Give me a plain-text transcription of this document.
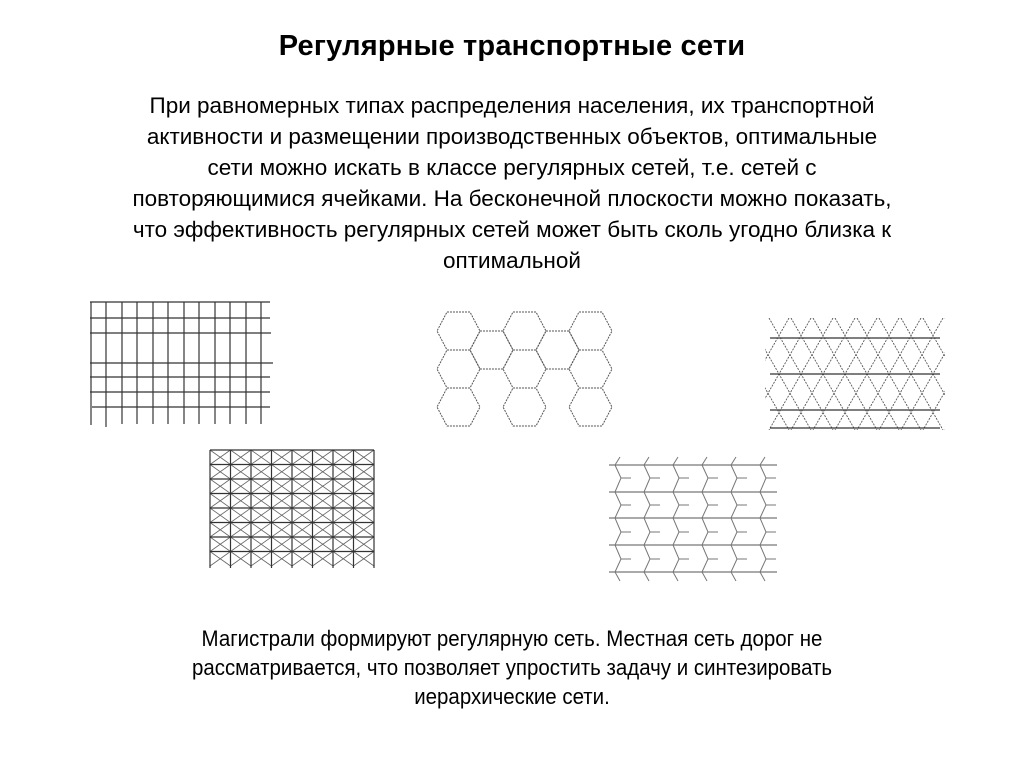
Регулярные транспортные сети
При равномерных типах распределения населения, их транспортной
активности и размещении производственных объектов, оптимальные
сети можно искать в классе регулярных сетей, т.е. сетей с
повторяющимися ячейками. На бесконечной плоскости можно показать,
что эффективность регулярных сетей может быть сколь угодно близка к
оптимальной
Магистрали формируют регулярную сеть. Местная сеть дорог не
рассматривается, что позволяет упростить задачу и синтезировать
иерархические сети.
